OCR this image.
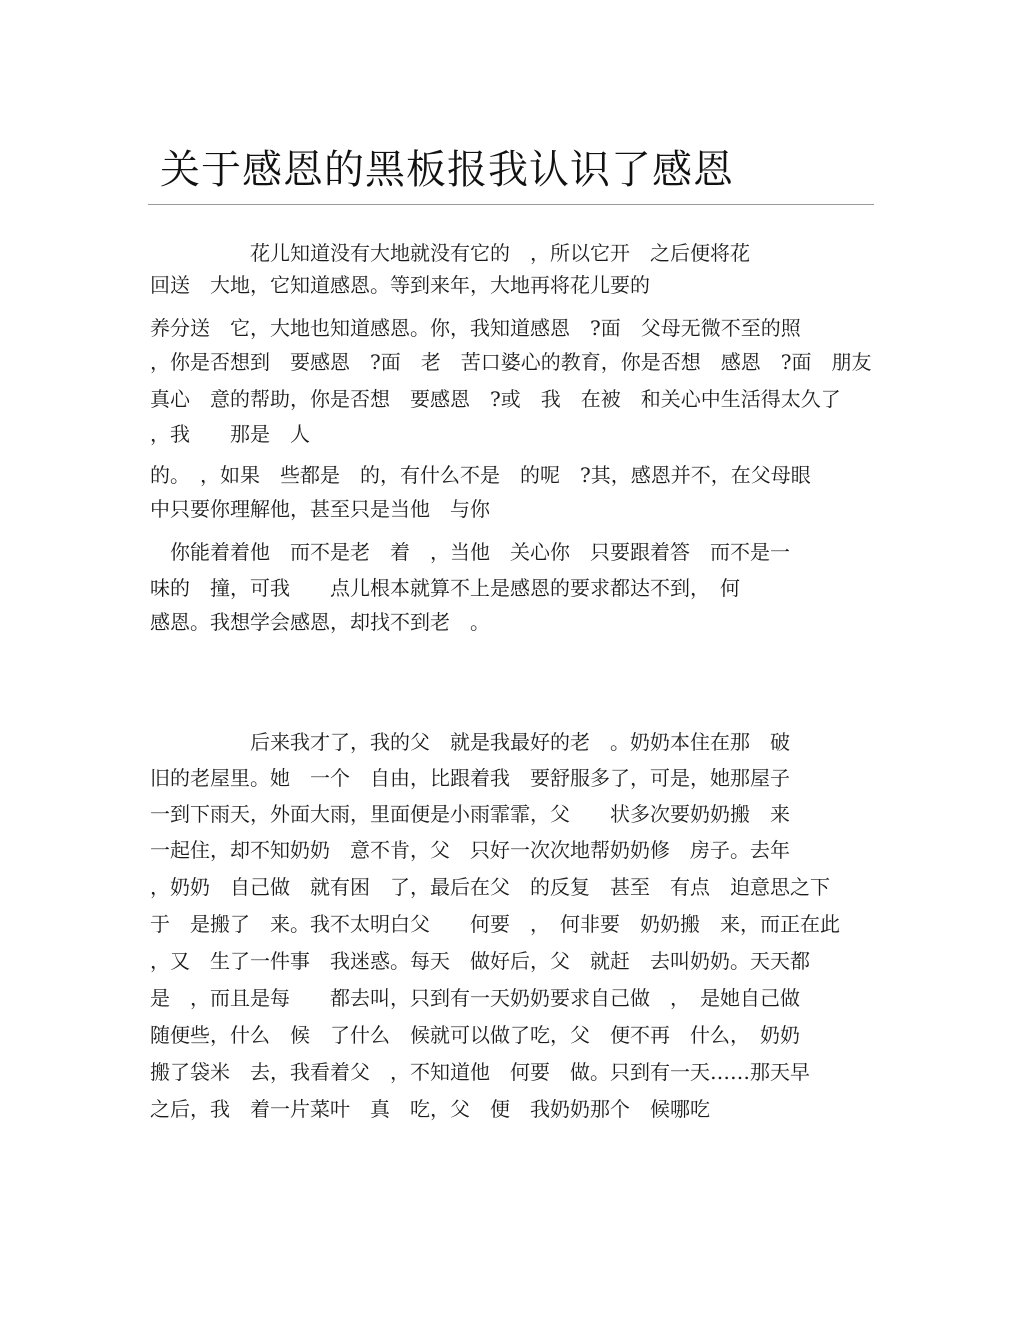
关于感恩的黑板报我认识了感恩
花儿知道没有大地就没有它的　，所以它开　之后便将花
回送　大地，它知道感恩。等到来年，大地再将花儿要的
养分送　它，大地也知道感恩。你，我知道感恩　?面　父母无微不至的照
，你是否想到　要感恩　?面　老　苦口婆心的教育，你是否想　感恩　?面　朋友
真心　意的帮助，你是否想　要感恩　?或　我　在被　和关心中生活得太久了
，我　　那是　人
的。　，如果　些都是　的，有什么不是　的呢　?其，感恩并不，在父母眼
中只要你理解他，甚至只是当他　与你
　你能着着他　而不是老　着　，当他　关心你　只要跟着答　而不是一
味的　撞，可我　　点儿根本就算不上是感恩的要求都达不到，　何
感恩。我想学会感恩，却找不到老　。
后来我才了，我的父　就是我最好的老　。奶奶本住在那　破
旧的老屋里。她　一个　自由，比跟着我　要舒服多了，可是，她那屋子
一到下雨天，外面大雨，里面便是小雨霏霏，父　　状多次要奶奶搬　来
一起住，却不知奶奶　意不肯，父　只好一次次地帮奶奶修　房子。去年
，奶奶　自己做　就有困　了，最后在父　的反复　甚至　有点　迫意思之下
于　是搬了　来。我不太明白父　　何要　，　何非要　奶奶搬　来，而正在此
，又　生了一件事　我迷惑。每天　做好后，父　就赶　去叫奶奶。天天都
是　，而且是每　　都去叫，只到有一天奶奶要求自己做　，　是她自己做
随便些，什么　候　了什么　候就可以做了吃，父　便不再　什么，　奶奶
搬了袋米　去，我看着父　，不知道他　何要　做。只到有一天……那天早
之后，我　着一片菜叶　真　吃，父　便　我奶奶那个　候哪吃
